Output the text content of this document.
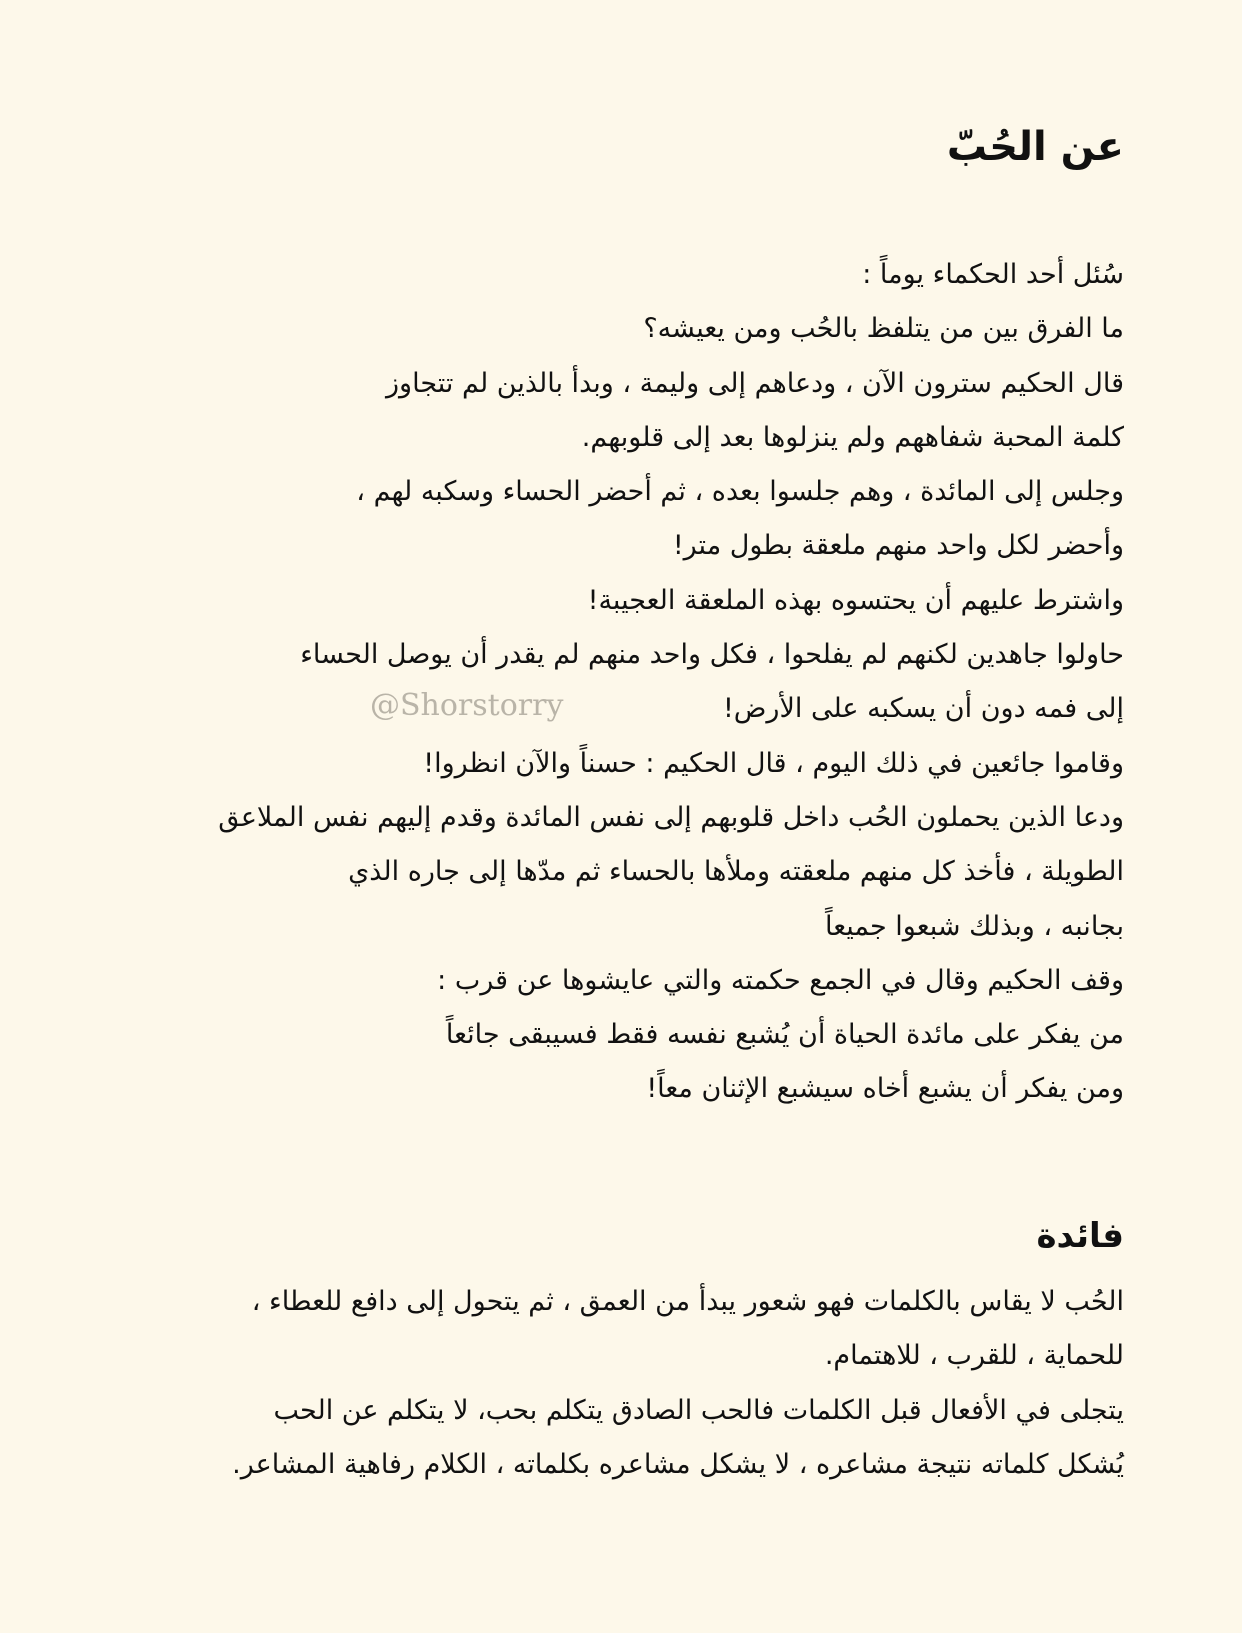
عن الحُبّ
سُئل أحد الحكماء يوماً :
ما الفرق بين من يتلفظ بالحُب ومن يعيشه؟
قال الحكيم سترون الآن ، ودعاهم إلى وليمة ، وبدأ بالذين لم تتجاوز
كلمة المحبة شفاههم ولم ينزلوها بعد إلى قلوبهم.
وجلس إلى المائدة ، وهم جلسوا بعده ، ثم أحضر الحساء وسكبه لهم ،
وأحضر لكل واحد منهم ملعقة بطول متر!
واشترط عليهم أن يحتسوه بهذه الملعقة العجيبة!
حاولوا جاهدين لكنهم لم يفلحوا ، فكل واحد منهم لم يقدر أن يوصل الحساء
إلى فمه دون أن يسكبه على الأرض!
وقاموا جائعين في ذلك اليوم ، قال الحكيم : حسناً والآن انظروا!
ودعا الذين يحملون الحُب داخل قلوبهم إلى نفس المائدة وقدم إليهم نفس الملاعق
الطويلة ، فأخذ كل منهم ملعقته وملأها بالحساء ثم مدّها إلى جاره الذي
بجانبه ، وبذلك شبعوا جميعاً
وقف الحكيم وقال في الجمع حكمته والتي عايشوها عن قرب :
من يفكر على مائدة الحياة أن يُشبع نفسه فقط فسيبقى جائعاً
ومن يفكر أن يشبع أخاه سيشبع الإثنان معاً!
@Shorstorry
فائدة
الحُب لا يقاس بالكلمات فهو شعور يبدأ من العمق ، ثم يتحول إلى دافع للعطاء ،
للحماية ، للقرب ، للاهتمام.
يتجلى في الأفعال قبل الكلمات فالحب الصادق يتكلم بحب، لا يتكلم عن الحب
يُشكل كلماته نتيجة مشاعره ، لا يشكل مشاعره بكلماته ، الكلام رفاهية المشاعر.
